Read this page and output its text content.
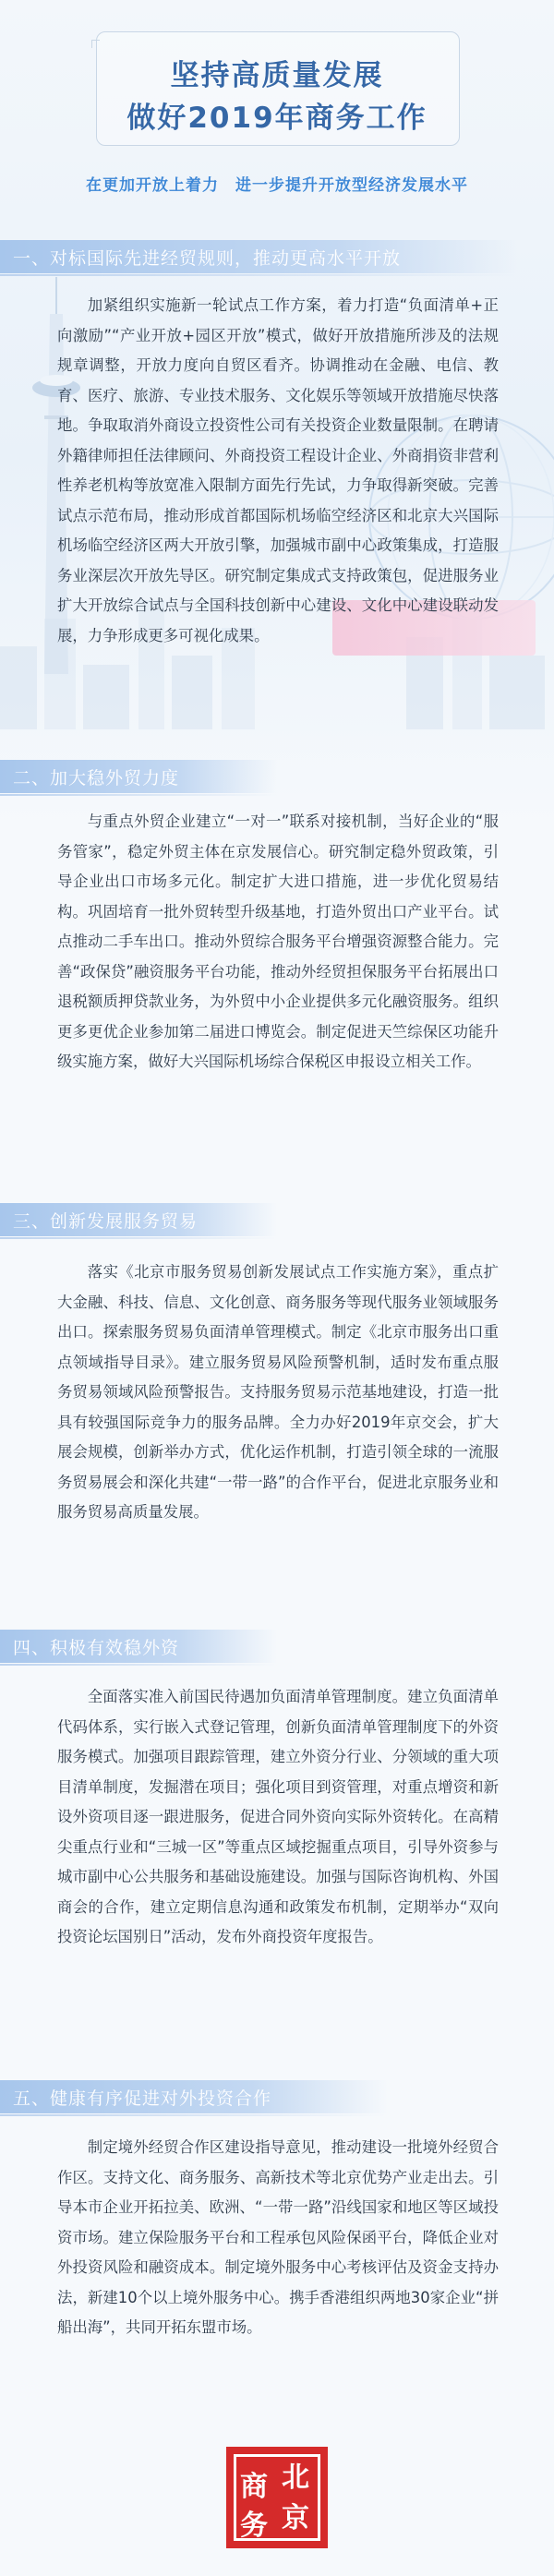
坚持高质量发展
做好2019年商务工作
在更加开放上着力　进一步提升开放型经济发展水平
一、对标国际先进经贸规则，推动更高水平开放

加紧组织实施新一轮试点工作方案，着力打造“负面清单+正向激励”“产业开放+园区开放”模式，做好开放措施所涉及的法规规章调整，开放力度向自贸区看齐。协调推动在金融、电信、教育、医疗、旅游、专业技术服务、文化娱乐等领域开放措施尽快落地。争取取消外商设立投资性公司有关投资企业数量限制。在聘请外籍律师担任法律顾问、外商投资工程设计企业、外商捐资非营利性养老机构等放宽准入限制方面先行先试，力争取得新突破。完善试点示范布局，推动形成首都国际机场临空经济区和北京大兴国际机场临空经济区两大开放引擎，加强城市副中心政策集成，打造服务业深层次开放先导区。研究制定集成式支持政策包，促进服务业扩大开放综合试点与全国科技创新中心建设、文化中心建设联动发展，力争形成更多可视化成果。

二、加大稳外贸力度

与重点外贸企业建立“一对一”联系对接机制，当好企业的“服务管家”，稳定外贸主体在京发展信心。研究制定稳外贸政策，引导企业出口市场多元化。制定扩大进口措施，进一步优化贸易结构。巩固培育一批外贸转型升级基地，打造外贸出口产业平台。试点推动二手车出口。推动外贸综合服务平台增强资源整合能力。完善“政保贷”融资服务平台功能，推动外经贸担保服务平台拓展出口退税额质押贷款业务，为外贸中小企业提供多元化融资服务。组织更多更优企业参加第二届进口博览会。制定促进天竺综保区功能升级实施方案，做好大兴国际机场综合保税区申报设立相关工作。

三、创新发展服务贸易

落实《北京市服务贸易创新发展试点工作实施方案》，重点扩大金融、科技、信息、文化创意、商务服务等现代服务业领域服务出口。探索服务贸易负面清单管理模式。制定《北京市服务出口重点领域指导目录》。建立服务贸易风险预警机制，适时发布重点服务贸易领域风险预警报告。支持服务贸易示范基地建设，打造一批具有较强国际竞争力的服务品牌。全力办好2019年京交会，扩大展会规模，创新举办方式，优化运作机制，打造引领全球的一流服务贸易展会和深化共建“一带一路”的合作平台，促进北京服务业和服务贸易高质量发展。

四、积极有效稳外资

全面落实准入前国民待遇加负面清单管理制度。建立负面清单代码体系，实行嵌入式登记管理，创新负面清单管理制度下的外资服务模式。加强项目跟踪管理，建立外资分行业、分领域的重大项目清单制度，发掘潜在项目；强化项目到资管理，对重点增资和新设外资项目逐一跟进服务，促进合同外资向实际外资转化。在高精尖重点行业和“三城一区”等重点区域挖掘重点项目，引导外资参与城市副中心公共服务和基础设施建设。加强与国际咨询机构、外国商会的合作，建立定期信息沟通和政策发布机制，定期举办“双向投资论坛国别日”活动，发布外商投资年度报告。

五、健康有序促进对外投资合作

制定境外经贸合作区建设指导意见，推动建设一批境外经贸合作区。支持文化、商务服务、高新技术等北京优势产业走出去。引导本市企业开拓拉美、欧洲、“一带一路”沿线国家和地区等区域投资市场。建立保险服务平台和工程承包风险保函平台，降低企业对外投资风险和融资成本。制定境外服务中心考核评估及资金支持办法，新建10个以上境外服务中心。携手香港组织两地30家企业“拼船出海”，共同开拓东盟市场。

商 北
务 京
